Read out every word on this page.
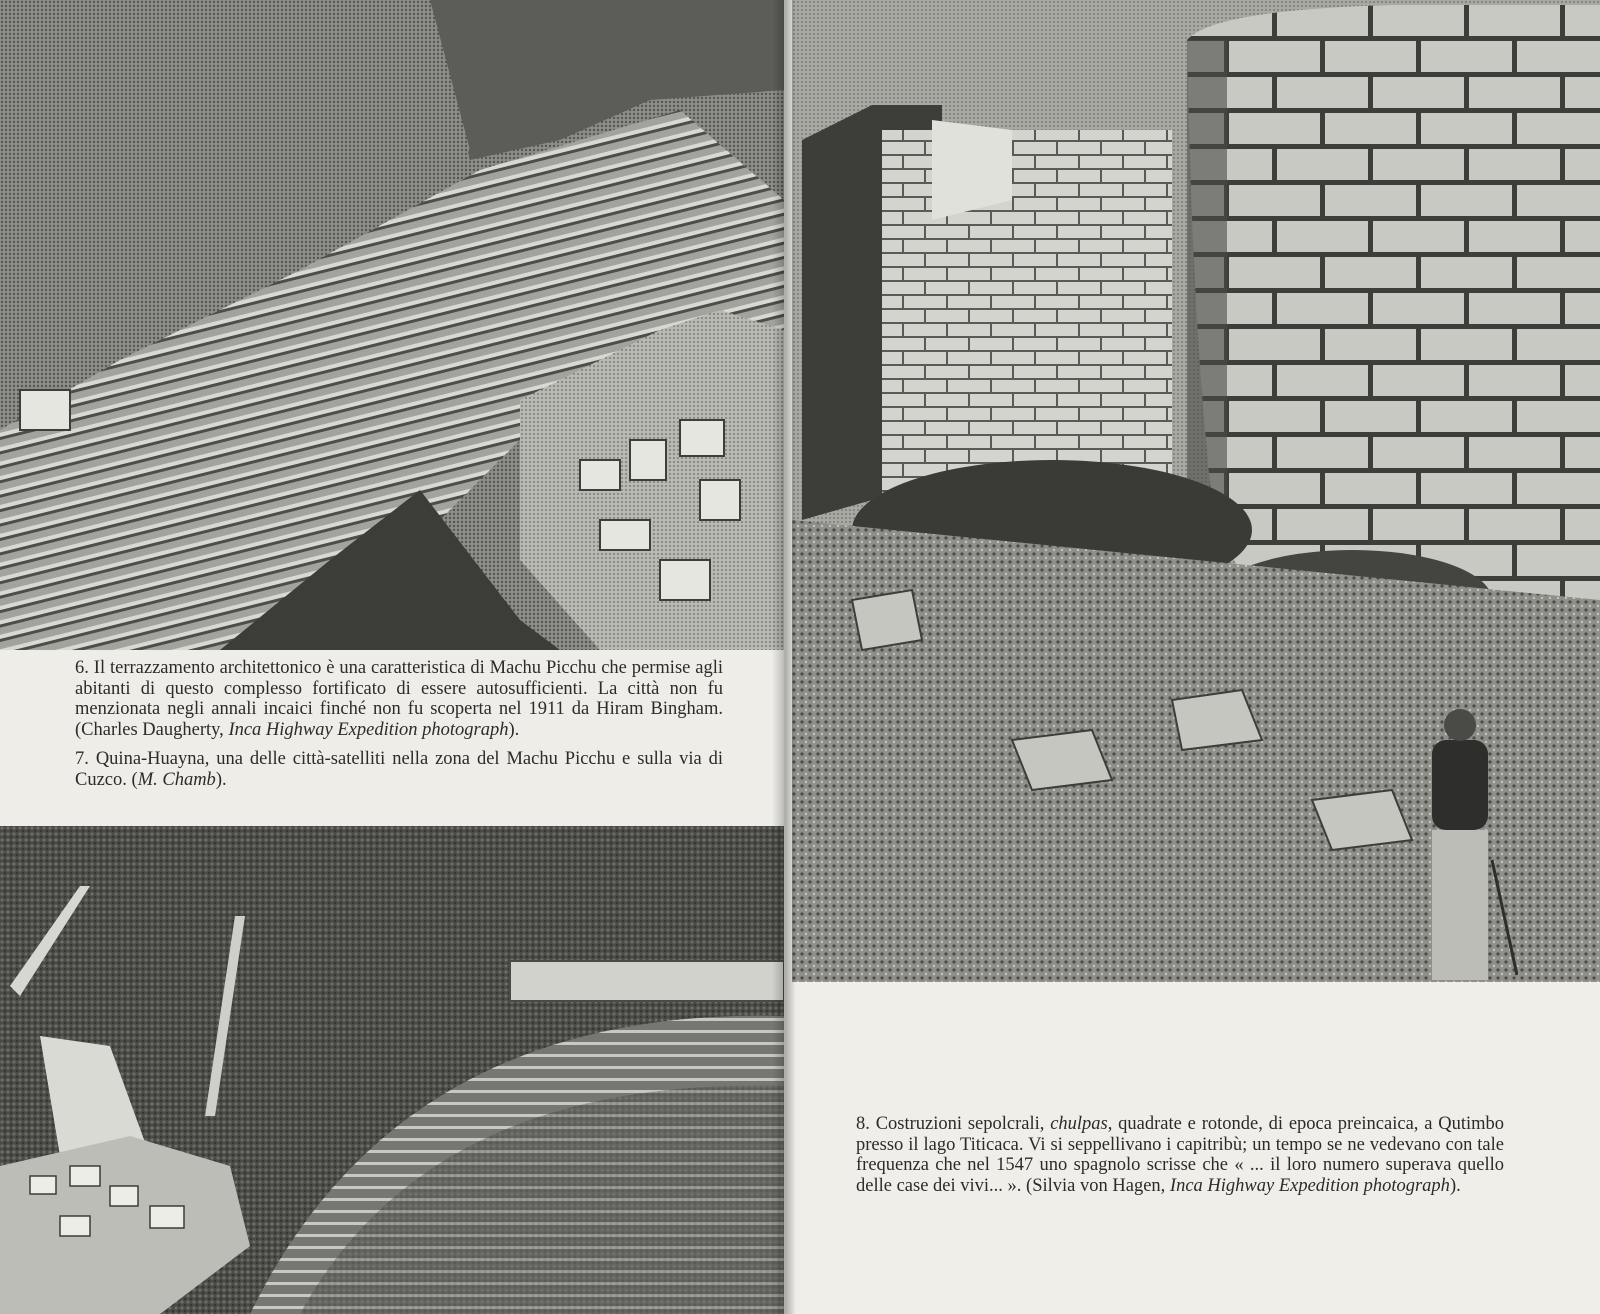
6. Il terrazzamento architettonico è una caratteristica di Machu Picchu che permise agli abitanti di questo complesso fortificato di essere autosufficienti. La città non fu menzionata negli annali incaici finché non fu scoperta nel 1911 da Hiram Bingham. (Charles Daugherty, Inca Highway Expedition photograph).

7. Quina-Huayna, una delle città-satelliti nella zona del Machu Picchu e sulla via di Cuzco. (M. Chamb).

8. Costruzioni sepolcrali, chulpas, quadrate e rotonde, di epoca preincaica, a Qutimbo presso il lago Titicaca. Vi si seppellivano i capitribù; un tempo se ne vedevano con tale frequenza che nel 1547 uno spagnolo scrisse che « ... il loro numero superava quello delle case dei vivi... ». (Silvia von Hagen, Inca Highway Expedition photograph).
